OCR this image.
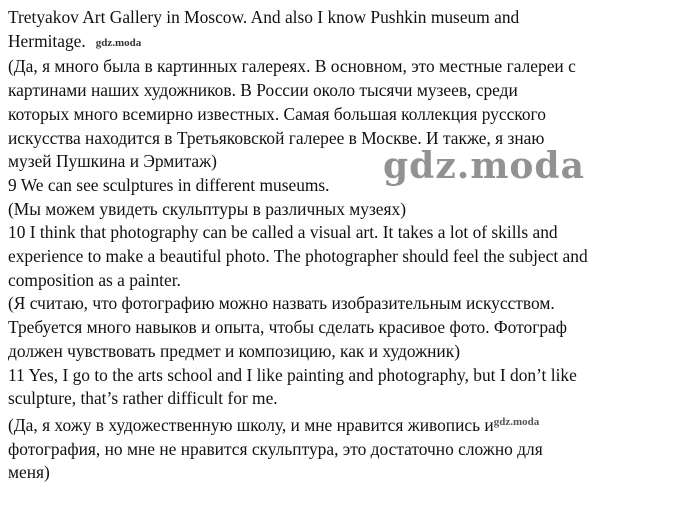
Tretyakov Art Gallery in Moscow. And also I know Pushkin museum and
Hermitage. gdz.moda
(Да, я много была в картинных галереях. В основном, это местные галереи с
картинами наших художников. В России около тысячи музеев, среди
которых много всемирно известных. Самая большая коллекция русского
искусства находится в Третьяковской галерее в Москве. И также, я знаю
музей Пушкина и Эрмитаж)
9 We can see sculptures in different museums.
(Мы можем увидеть скульптуры в различных музеях)
10 I think that photography can be called a visual art. It takes a lot of skills and
experience to make a beautiful photo. The photographer should feel the subject and
composition as a painter.
(Я считаю, что фотографию можно назвать изобразительным искусством.
Требуется много навыков и опыта, чтобы сделать красивое фото. Фотограф
должен чувствовать предмет и композицию, как и художник)
11 Yes, I go to the arts school and I like painting and photography, but I don’t like
sculpture, that’s rather difficult for me.
(Да, я хожу в художественную школу, и мне нравится живопись $и^{gdz.moda}$
фотография, но мне не нравится скульптура, это достаточно сложно для
меня)
gdz.moda
